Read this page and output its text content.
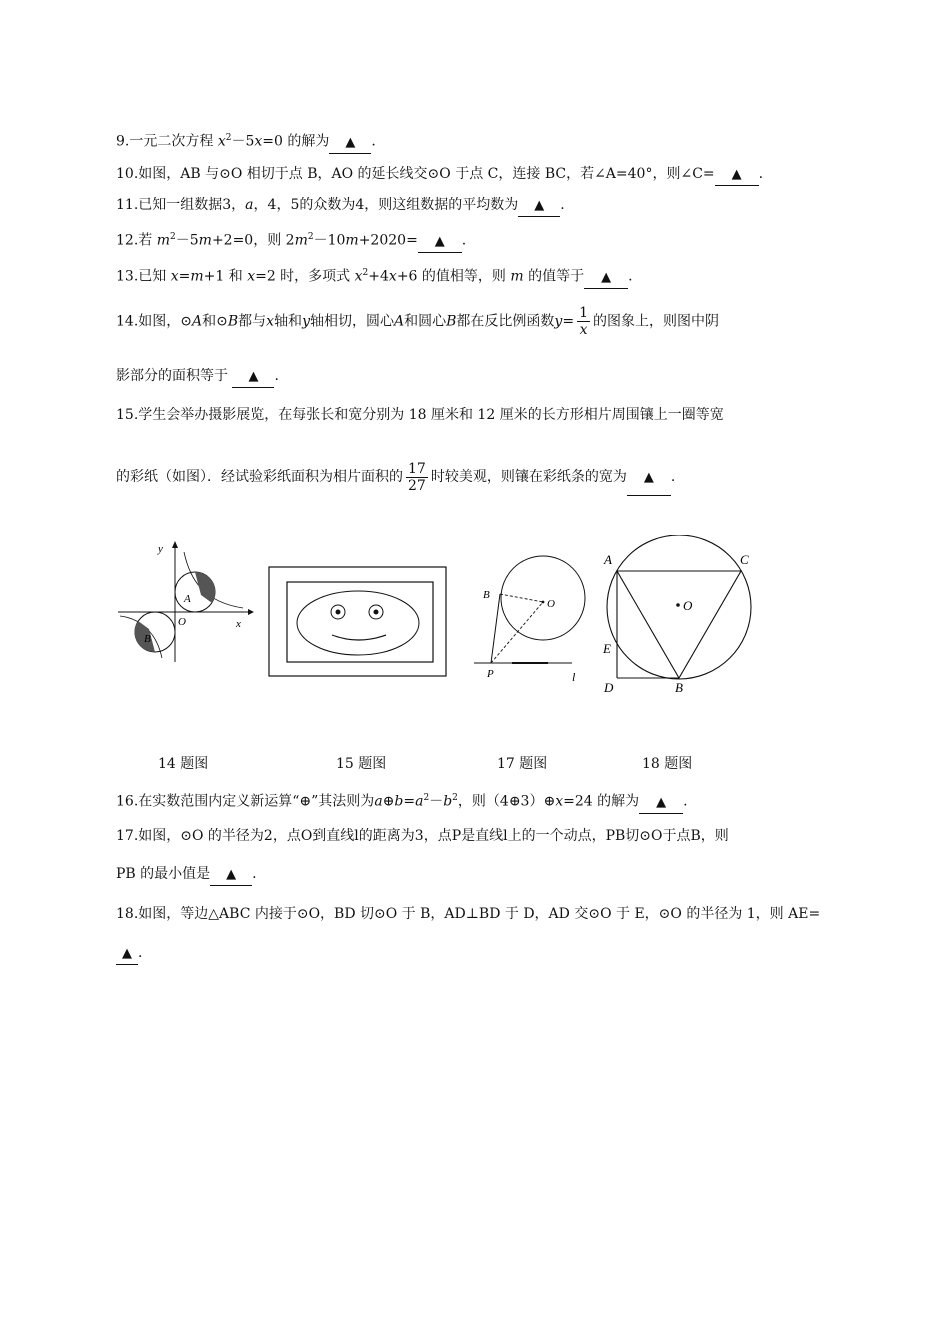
9.一元二次方程 $x^2-5x=0$ 的解为 ▲ .
10.如图，AB 与⊙O 相切于点 B，AO 的延长线交⊙O 于点 C，连接 BC，若∠A=40°，则∠C= ▲ .
11.已知一组数据3，a，4，5的众数为4，则这组数据的平均数为 ▲ .
12.若 $m^2-5m+2=0$，则 $2m^2-10m+2020=$ ▲ .
13.已知 x=m+1 和 x=2 时，多项式 $x^2+4x+6$ 的值相等，则 m 的值等于 ▲ .
14.如图，⊙A和⊙B都与x轴和y轴相切，圆心A和圆心B都在反比例函数$y= \frac{1}{x}$ 的图象上，则图中阴
影部分的面积等于 ▲ .
15.学生会举办摄影展览，在每张长和宽分别为 18 厘米和 12 厘米的长方形相片周围镶上一圈等宽
的彩纸（如图）．经试验彩纸面积为相片面积的 $\frac{17}{27}$ 时较美观，则镶在彩纸条的宽为 ▲ .
y
x
O
A
B
B
O
P	l
A	C
O
E
D	B
14 题图	15 题图	17 题图	18 题图
16.在实数范围内定义新运算“⊕”其法则为$a\oplus b=a^2-b^2$，则（4⊕3）⊕x=24 的解为 ▲ .
17.如图，⊙O 的半径为2，点O到直线l的距离为3，点P是直线l上的一个动点，PB切⊙O于点B，则
PB 的最小值是 ▲ .
18.如图，等边△ABC 内接于⊙O，BD 切⊙O 于 B，AD⊥BD 于 D，AD 交⊙O 于 E，⊙O 的半径为 1，则 AE=
▲ .
